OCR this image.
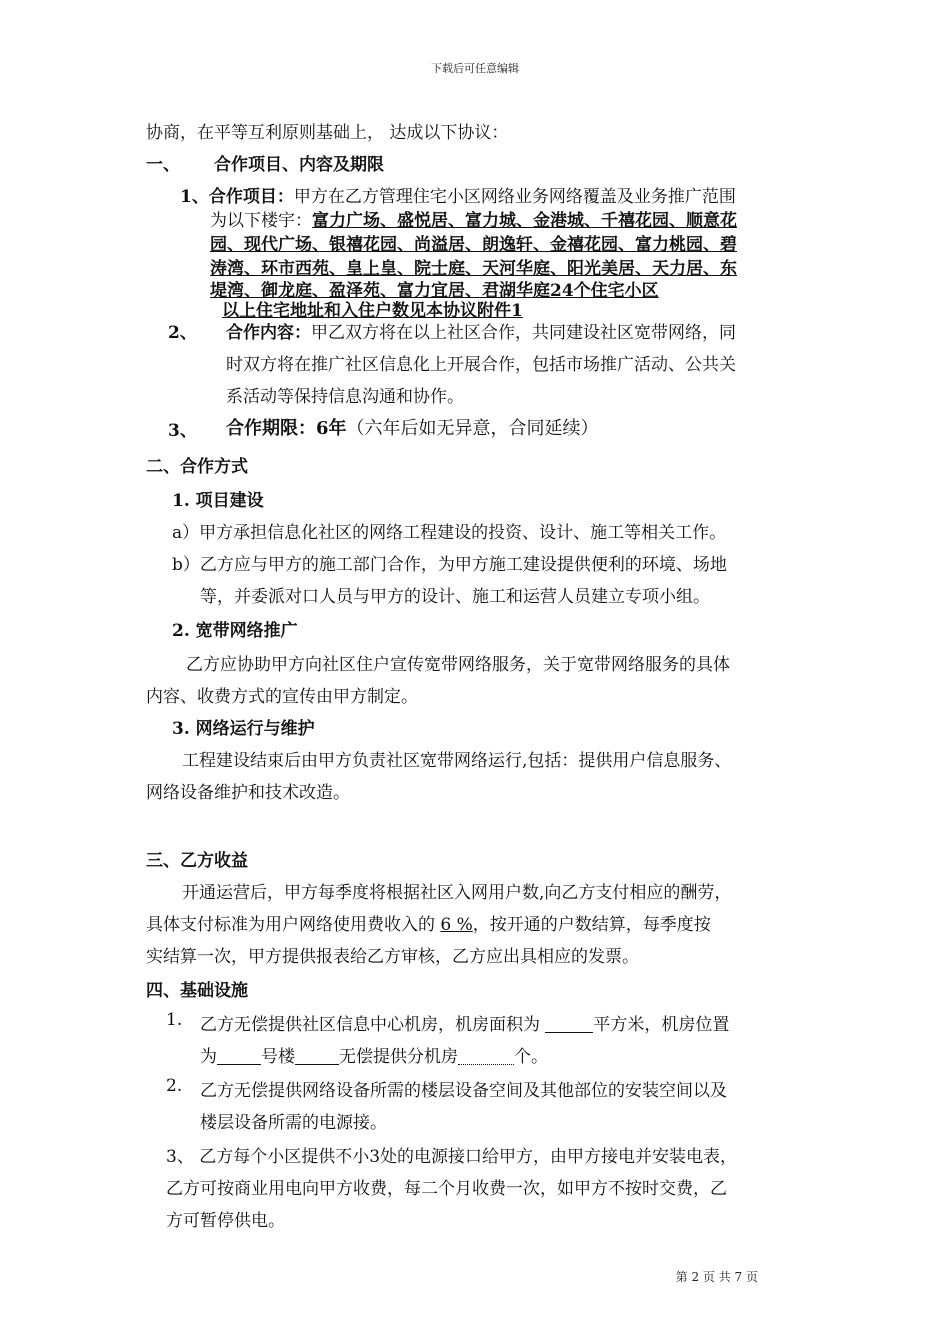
下载后可任意编辑
协商，在平等互利原则基础上， 达成以下协议：
一、 合作项目、内容及期限
1、合作项目：甲方在乙方管理住宅小区网络业务网络覆盖及业务推广范围
为以下楼宇：富力广场、盛悦居、富力城、金港城、千禧花园、顺意花
园、现代广场、银禧花园、尚溢居、朗逸轩、金禧花园、富力桃园、碧
涛湾、环市西苑、皇上皇、院士庭、天河华庭、阳光美居、天力居、东
堤湾、御龙庭、盈泽苑、富力宜居、君湖华庭24个住宅小区
以上住宅地址和入住户数见本协议附件1
2、 合作内容：甲乙双方将在以上社区合作，共同建设社区宽带网络，同
时双方将在推广社区信息化上开展合作，包括市场推广活动、公共关
系活动等保持信息沟通和协作。
3、 合作期限：6年（六年后如无异意，合同延续）
二、合作方式
1. 项目建设
a）甲方承担信息化社区的网络工程建设的投资、设计、施工等相关工作。
b）乙方应与甲方的施工部门合作，为甲方施工建设提供便利的环境、场地
等，并委派对口人员与甲方的设计、施工和运营人员建立专项小组。
2. 宽带网络推广
乙方应协助甲方向社区住户宣传宽带网络服务，关于宽带网络服务的具体
内容、收费方式的宣传由甲方制定。
3. 网络运行与维护
工程建设结束后由甲方负责社区宽带网络运行,包括：提供用户信息服务、
网络设备维护和技术改造。
三、乙方收益
开通运营后，甲方每季度将根据社区入网用户数,向乙方支付相应的酬劳，
具体支付标准为用户网络使用费收入的 6 %，按开通的户数结算，每季度按
实结算一次，甲方提供报表给乙方审核，乙方应出具相应的发票。
四、基础设施
1. 乙方无偿提供社区信息中心机房，机房面积为	平方米，机房位置
为	号楼	无偿提供分机房	个。
2. 乙方无偿提供网络设备所需的楼层设备空间及其他部位的安装空间以及
楼层设备所需的电源接。
3、 乙方每个小区提供不小3处的电源接口给甲方，由甲方接电并安装电表，
乙方可按商业用电向甲方收费，每二个月收费一次，如甲方不按时交费，乙
方可暂停供电。
第 2 页 共 7 页
